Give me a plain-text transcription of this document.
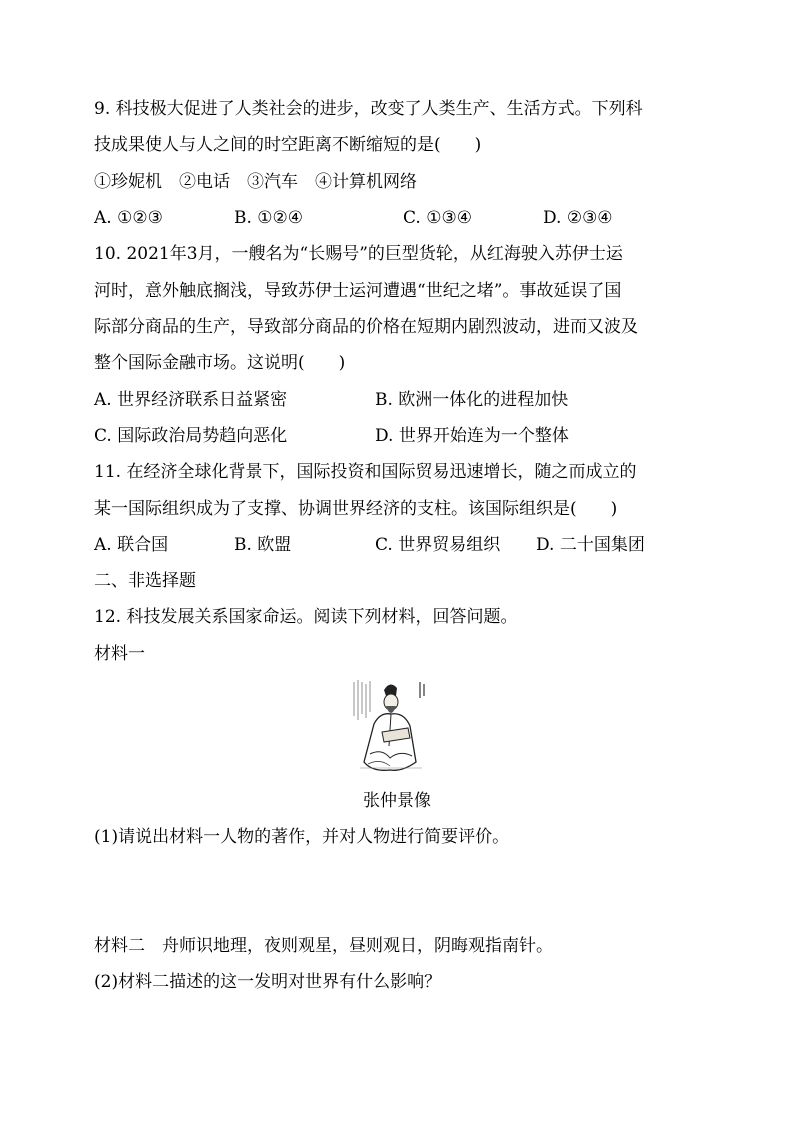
9. 科技极大促进了人类社会的进步，改变了人类生产、生活方式。下列科
技成果使人与人之间的时空距离不断缩短的是(　　)
①珍妮机　②电话　③汽车　④计算机网络
A. ①②③	B. ①②④	C. ①③④	D. ②③④
10. 2021年3月，一艘名为“长赐号”的巨型货轮，从红海驶入苏伊士运
河时，意外触底搁浅，导致苏伊士运河遭遇“世纪之堵”。事故延误了国
际部分商品的生产，导致部分商品的价格在短期内剧烈波动，进而又波及
整个国际金融市场。这说明(　　)
A. 世界经济联系日益紧密	B. 欧洲一体化的进程加快
C. 国际政治局势趋向恶化	D. 世界开始连为一个整体
11. 在经济全球化背景下，国际投资和国际贸易迅速增长，随之而成立的
某一国际组织成为了支撑、协调世界经济的支柱。该国际组织是(　　)
A. 联合国	B. 欧盟	C. 世界贸易组织 D. 二十国集团
二、非选择题
12. 科技发展关系国家命运。阅读下列材料，回答问题。
材料一
张仲景像
(1)请说出材料一人物的著作，并对人物进行简要评价。
材料二　舟师识地理，夜则观星，昼则观日，阴晦观指南针。
(2)材料二描述的这一发明对世界有什么影响？
